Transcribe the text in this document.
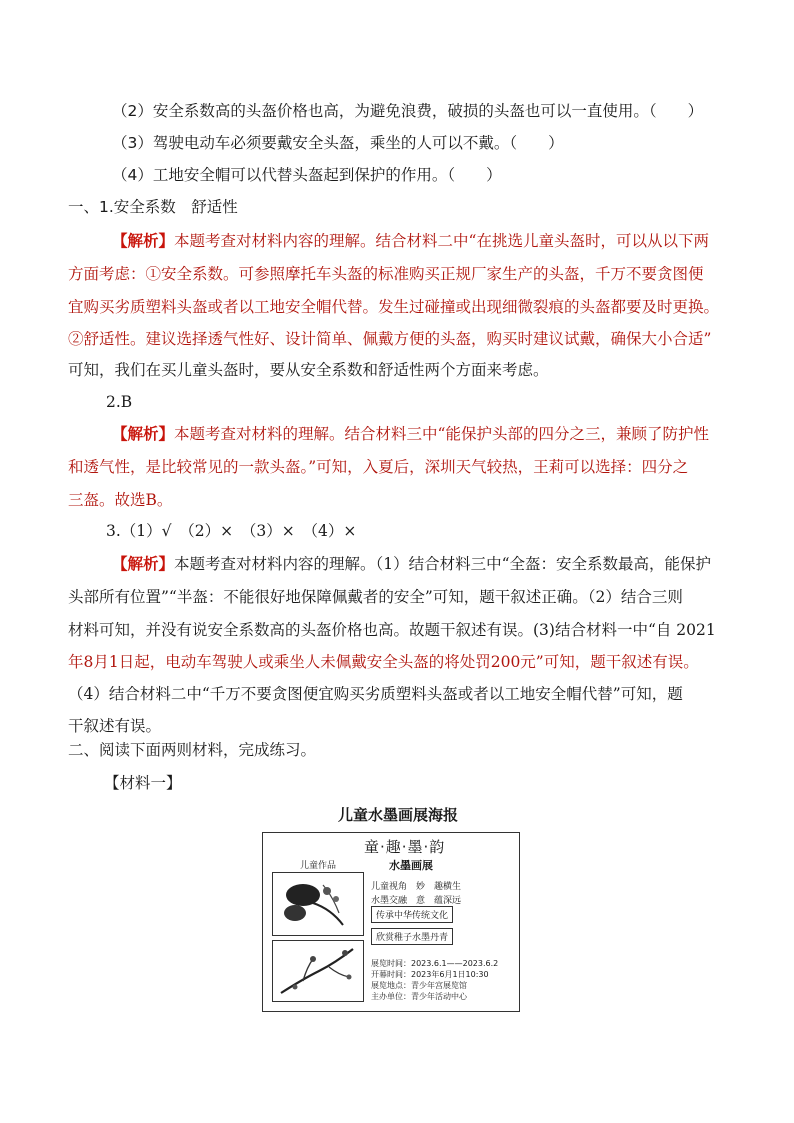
（2）安全系数高的头盔价格也高，为避免浪费，破损的头盔也可以一直使用。（　　）
（3）驾驶电动车必须要戴安全头盔，乘坐的人可以不戴。（　　）
（4）工地安全帽可以代替头盔起到保护的作用。（　　）
一、1.安全系数　舒适性
【解析】本题考查对材料内容的理解。结合材料二中“在挑选儿童头盔时，可以从以下两
方面考虑：①安全系数。可参照摩托车头盔的标准购买正规厂家生产的头盔，千万不要贪图便
宜购买劣质塑料头盔或者以工地安全帽代替。发生过碰撞或出现细微裂痕的头盔都要及时更换。
②舒适性。建议选择透气性好、设计简单、佩戴方便的头盔，购买时建议试戴，确保大小合适”
可知，我们在买儿童头盔时，要从安全系数和舒适性两个方面来考虑。
2.B
【解析】本题考查对材料的理解。结合材料三中“能保护头部的四分之三，兼顾了防护性
和透气性，是比较常见的一款头盔。”可知，入夏后，深圳天气较热，王莉可以选择：四分之
三盔。故选B。
3.（1）√　（2）×　（3）×　（4）×
【解析】本题考查对材料内容的理解。（1）结合材料三中“全盔：安全系数最高，能保护
头部所有位置”“半盔：不能很好地保障佩戴者的安全”可知，题干叙述正确。（2）结合三则
材料可知，并没有说安全系数高的头盔价格也高。故题干叙述有误。(3)结合材料一中“自 2021
年8月1日起，电动车驾驶人或乘坐人未佩戴安全头盔的将处罚200元”可知，题干叙述有误。
（4）结合材料二中“千万不要贪图便宜购买劣质塑料头盔或者以工地安全帽代替”可知，题
干叙述有误。
二、阅读下面两则材料，完成练习。
【材料一】
儿童水墨画展海报
童·趣·墨·韵
儿童作品	水墨画展
儿童视角　妙　趣横生
水墨交融　意　蕴深远
传承中华传统文化
欣赏稚子水墨丹青
展览时间：2023.6.1——2023.6.2
开幕时间：2023年6月1日10:30
展览地点：青少年宫展览馆
主办单位：青少年活动中心
